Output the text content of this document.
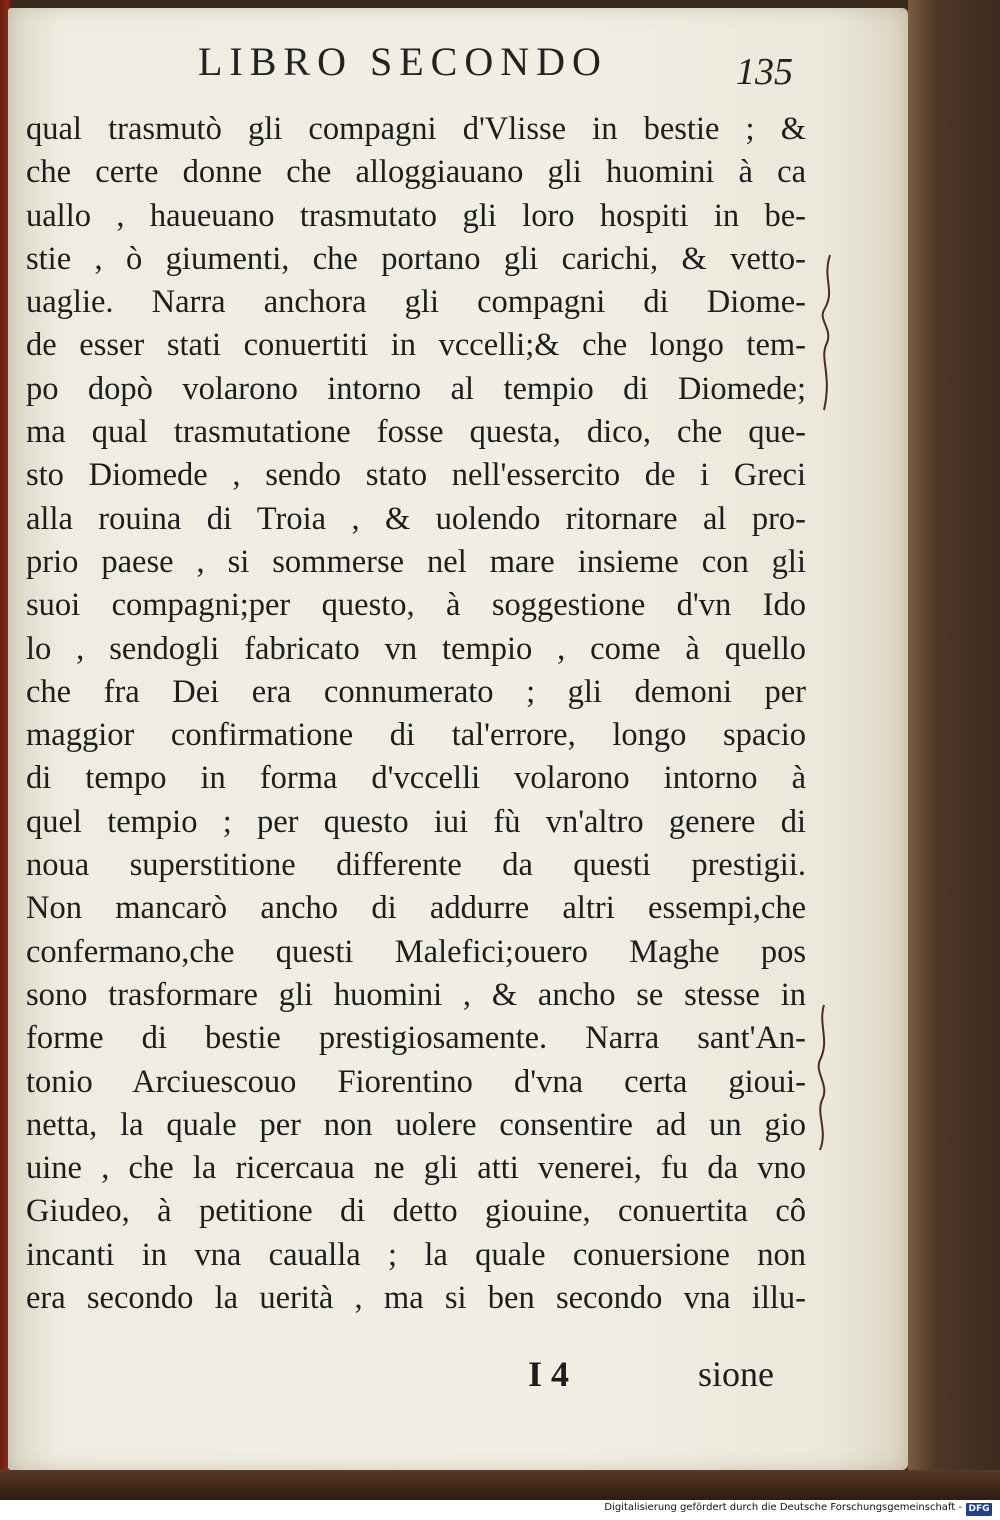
LIBRO SECONDO	135
qual trasmutò gli compagni d'Vlisse in bestie ; &
che certe donne che alloggiauano gli huomini à ca
uallo , haueuano trasmutato gli loro hospiti in be-
stie , ò giumenti, che portano gli carichi, & vetto-
uaglie. Narra anchora gli compagni di Diome-
de esser stati conuertiti in vccelli;& che longo tem-
po dopò volarono intorno al tempio di Diomede;
ma qual trasmutatione fosse questa, dico, che que-
sto Diomede , sendo stato nell'essercito de i Greci
alla rouina di Troia , & uolendo ritornare al pro-
prio paese , si sommerse nel mare insieme con gli
suoi compagni;per questo, à soggestione d'vn Ido
lo , sendogli fabricato vn tempio , come à quello
che fra Dei era connumerato ; gli demoni per
maggior confirmatione di tal'errore, longo spacio
di tempo in forma d'vccelli volarono intorno à
quel tempio ; per questo iui fù vn'altro genere di
noua superstitione differente da questi prestigii.
Non mancarò ancho di addurre altri essempi,che
confermano,che questi Malefici;ouero Maghe pos
sono trasformare gli huomini , & ancho se stesse in
forme di bestie prestigiosamente. Narra sant'An-
tonio Arciuescouo Fiorentino d'vna certa gioui-
netta, la quale per non uolere consentire ad un gio
uine , che la ricercaua ne gli atti venerei, fu da vno
Giudeo, à petitione di detto giouine, conuertita cô
incanti in vna caualla ; la quale conuersione non
era secondo la uerità , ma si ben secondo vna illu-
I 4	sione
Digitalisierung gefördert durch die Deutsche Forschungsgemeinschaft - DFG
